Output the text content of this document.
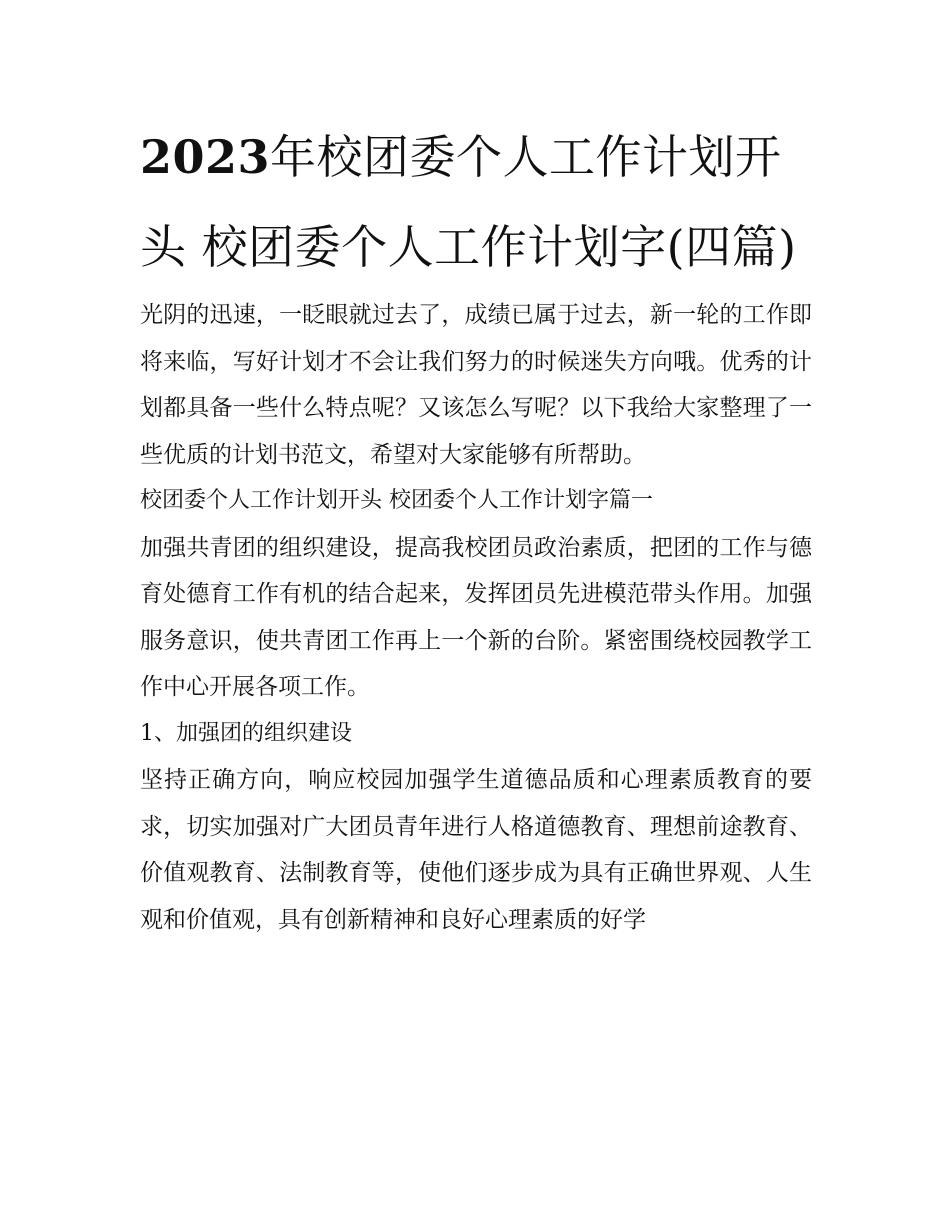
2023年校团委个人工作计划开头 校团委个人工作计划字(四篇)

光阴的迅速，一眨眼就过去了，成绩已属于过去，新一轮的工作即将来临，写好计划才不会让我们努力的时候迷失方向哦。优秀的计划都具备一些什么特点呢？又该怎么写呢？以下我给大家整理了一些优质的计划书范文，希望对大家能够有所帮助。

校团委个人工作计划开头 校团委个人工作计划字篇一

加强共青团的组织建设，提高我校团员政治素质，把团的工作与德育处德育工作有机的结合起来，发挥团员先进模范带头作用。加强服务意识，使共青团工作再上一个新的台阶。紧密围绕校园教学工作中心开展各项工作。

1、加强团的组织建设

坚持正确方向，响应校园加强学生道德品质和心理素质教育的要求，切实加强对广大团员青年进行人格道德教育、理想前途教育、价值观教育、法制教育等，使他们逐步成为具有正确世界观、人生观和价值观，具有创新精神和良好心理素质的好学
